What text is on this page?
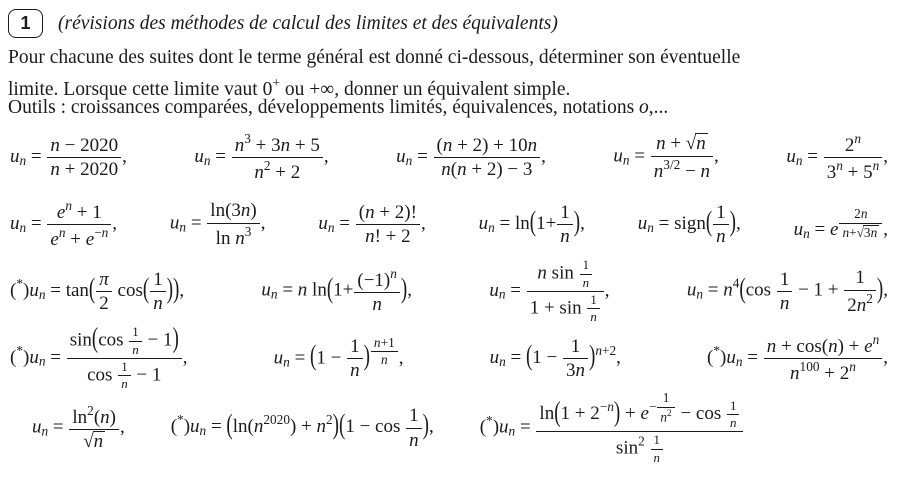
1 (révisions des méthodes de calcul des limites et des équivalents)
Pour chacune des suites dont le terme général est donné ci-dessous, déterminer son éventuelle
limite. Lorsque cette limite vaut 0+ ou +∞, donner un équivalent simple.
Outils : croissances comparées, développements limités, équivalences, notations o,...
un = $\frac{n - 2020}{n + 2020}$ ,	un = $\frac{n^3 + 3n + 5}{n^2 + 2}$ ,	un = $\frac{(n + 2) + 10n}{n(n + 2) - 3}$ ,	un = $\frac{n + √n}{n^{3/2} - n}$ ,	un = $\frac{2^n}{3^n + 5^n}$ ,
un = $\frac{e^n + 1}{e^n + e^{-n}}$ ,	un = $\frac{\ln(3n)}{\ln n^3}$ ,	un = $\frac{(n + 2)!}{n! + 2}$ ,	un = $\ln(1+ \frac{1}{n}$ ),	un = sign( $\frac{1}{n}$ ),	un = e $^{\frac{2n}{n+√3n}}$ ,
$(^*)un = \tan( \frac{\pi}{2} \cos( \frac{1}{n}$ )),	un = n $\ln(1+ \frac{(-1)^n}{n}$ ),	un = $\frac{n \sin \frac{1}{n}}{1 + \sin \frac{1}{n}}$ ,	un = $n^4(\cos \frac{1}{n} - 1 + \frac{1}{2n^2}$ ),
$(^*)un = \frac{\sin(\cos \frac{1}{n} - 1)}{\cos \frac{1}{n} - 1}$ ,	un = ($1 - \frac{1}{n}$ ) $^{\frac{n+1}{n}}$ ,	un = $(1 - \frac{1}{3n} )^{n+2}$,	$(^*)un = \frac{n + \cos(n) + e^n}{n^{100} + 2^n}$ ,
un = $\frac{\ln^2(n)}{√n}$ , $(^*)un = (\ln(n^{2020}) + n^2)(1 - \cos \frac{1}{n}$ ), $(^*)un = \ln(1 + 2^{-n}) + e^{- \frac{1}{n^2}} - \cos \frac{1}{n}$
$\sin^2 \frac{1}{n}$
